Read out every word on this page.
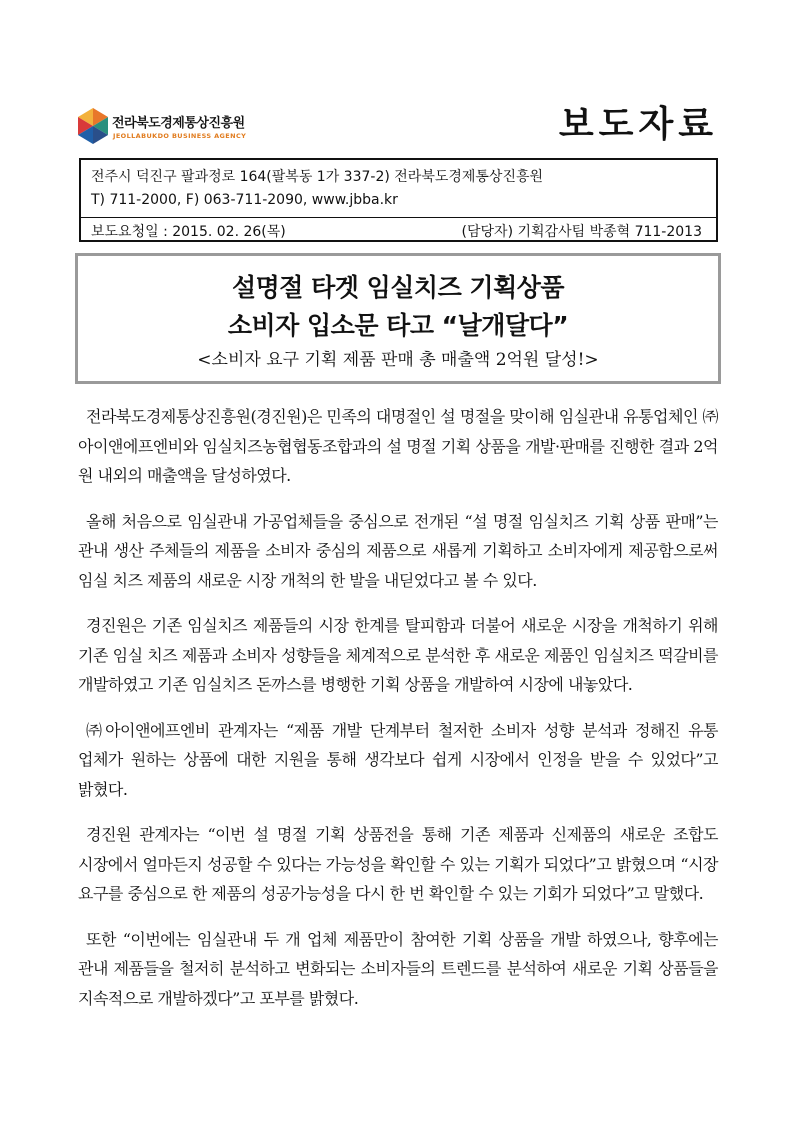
전라북도경제통상진흥원
JEOLLABUKDO BUSINESS AGENCY	보도자료
전주시 덕진구 팔과정로 164(팔복동 1가 337-2) 전라북도경제통상진흥원
T) 711-2000, F) 063-711-2090, www.jbba.kr
보도요청일 : 2015. 02. 26(목)	(담당자) 기획감사팀 박종혁 711-2013
설명절 타겟 임실치즈 기획상품
소비자 입소문 타고 “날개달다”
<소비자 요구 기획 제품 판매 총 매출액 2억원 달성!>

전라북도경제통상진흥원(경진원)은 민족의 대명절인 설 명절을 맞이해 임실관내 유통업체인 ㈜아이앤에프엔비와 임실치즈농협협동조합과의 설 명절 기획 상품을 개발·판매를 진행한 결과 2억 원 내외의 매출액을 달성하였다.

올해 처음으로 임실관내 가공업체들을 중심으로 전개된 “설 명절 임실치즈 기획 상품 판매”는 관내 생산 주체들의 제품을 소비자 중심의 제품으로 새롭게 기획하고 소비자에게 제공함으로써 임실 치즈 제품의 새로운 시장 개척의 한 발을 내딛었다고 볼 수 있다.

경진원은 기존 임실치즈 제품들의 시장 한계를 탈피함과 더불어 새로운 시장을 개척하기 위해 기존 임실 치즈 제품과 소비자 성향들을 체계적으로 분석한 후 새로운 제품인 임실치즈 떡갈비를 개발하였고 기존 임실치즈 돈까스를 병행한 기획 상품을 개발하여 시장에 내놓았다.

㈜아이앤에프엔비 관계자는 “제품 개발 단계부터 철저한 소비자 성향 분석과 정해진 유통 업체가 원하는 상품에 대한 지원을 통해 생각보다 쉽게 시장에서 인정을 받을 수 있었다”고 밝혔다.

경진원 관계자는 “이번 설 명절 기획 상품전을 통해 기존 제품과 신제품의 새로운 조합도 시장에서 얼마든지 성공할 수 있다는 가능성을 확인할 수 있는 기획가 되었다”고 밝혔으며 “시장 요구를 중심으로 한 제품의 성공가능성을 다시 한 번 확인할 수 있는 기회가 되었다”고 말했다.

또한 “이번에는 임실관내 두 개 업체 제품만이 참여한 기획 상품을 개발 하였으나, 향후에는 관내 제품들을 철저히 분석하고 변화되는 소비자들의 트렌드를 분석하여 새로운 기획 상품들을 지속적으로 개발하겠다”고 포부를 밝혔다.
